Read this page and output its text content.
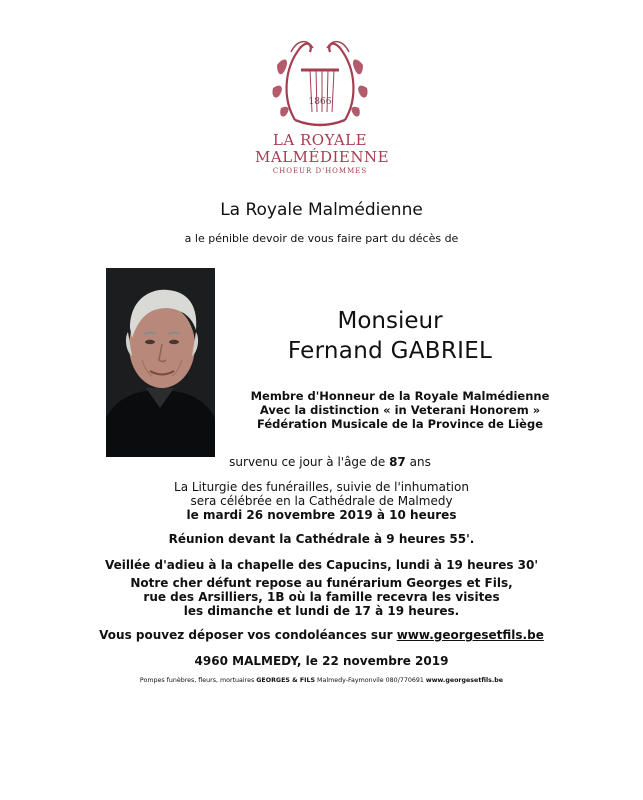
1866
LA ROYALE
MALMÉDIENNE
CHOEUR D'HOMMES
La Royale Malmédienne
a le pénible devoir de vous faire part du décès de
Monsieur
Fernand GABRIEL
Membre d'Honneur de la Royale Malmédienne
Avec la distinction « in Veterani Honorem »
Fédération Musicale de la Province de Liège
survenu ce jour à l'âge de 87 ans
La Liturgie des funérailles, suivie de l'inhumation
sera célébrée en la Cathédrale de Malmedy
le mardi 26 novembre 2019 à 10 heures
Réunion devant la Cathédrale à 9 heures 55'.
Veillée d'adieu à la chapelle des Capucins, lundi à 19 heures 30'
Notre cher défunt repose au funérarium Georges et Fils,
rue des Arsilliers, 1B où la famille recevra les visites
les dimanche et lundi de 17 à 19 heures.
Vous pouvez déposer vos condoléances sur www.georgesetfils.be
4960 MALMEDY, le 22 novembre 2019
Pompes funèbres, fleurs, mortuaires GEORGES & FILS Malmedy-Faymonvile 080/770691 www.georgesetfils.be
